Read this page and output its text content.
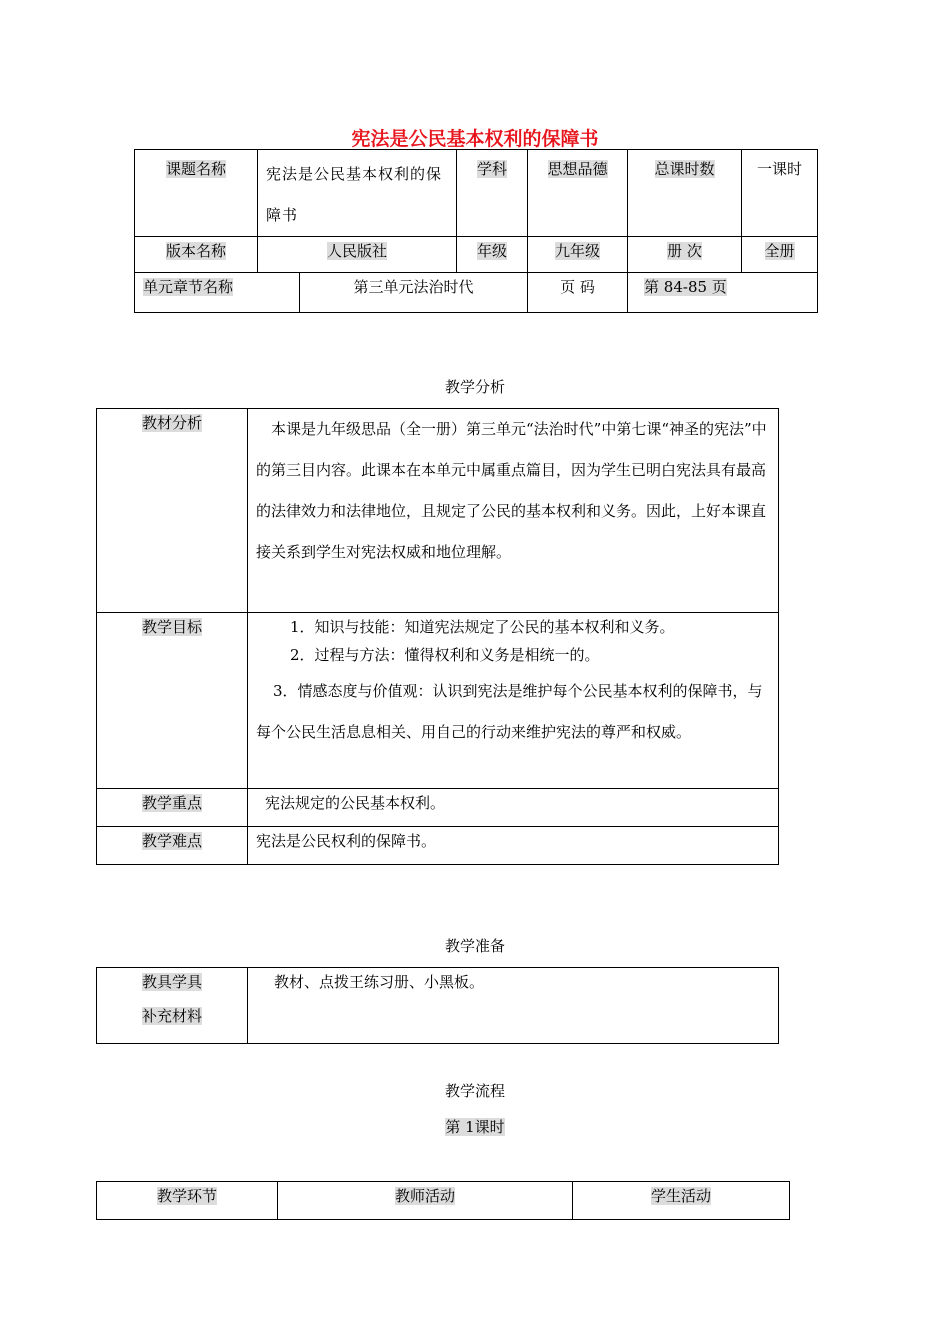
宪法是公民基本权利的保障书
课题名称	宪法是公民基本权利的保障书		学科	思想品德	总课时数	一课时
版本名称	人民版社		年级	九年级	册 次	全册
单元章节名称		第三单元法治时代		页 码	第 84-85 页	
教学分析
教材分析	本课是九年级思品（全一册）第三单元“法治时代”中第七课“神圣的宪法”中的第三目内容。此课本在本单元中属重点篇目，因为学生已明白宪法具有最高的法律效力和法律地位，且规定了公民的基本权利和义务。因此，上好本课直接关系到学生对宪法权威和地位理解。
教学目标	1．知识与技能：知道宪法规定了公民的基本权利和义务。
2．过程与方法：懂得权利和义务是相统一的。
3．情感态度与价值观：认识到宪法是维护每个公民基本权利的保障书，与每个公民生活息息相关、用自己的行动来维护宪法的尊严和权威。

教学重点	宪法规定的公民基本权利。
教学难点	宪法是公民权利的保障书。
教学准备
教具学具
补充材料
	教材、点拨王练习册、小黑板。
教学流程
第 1课时
教学环节	教师活动	学生活动
